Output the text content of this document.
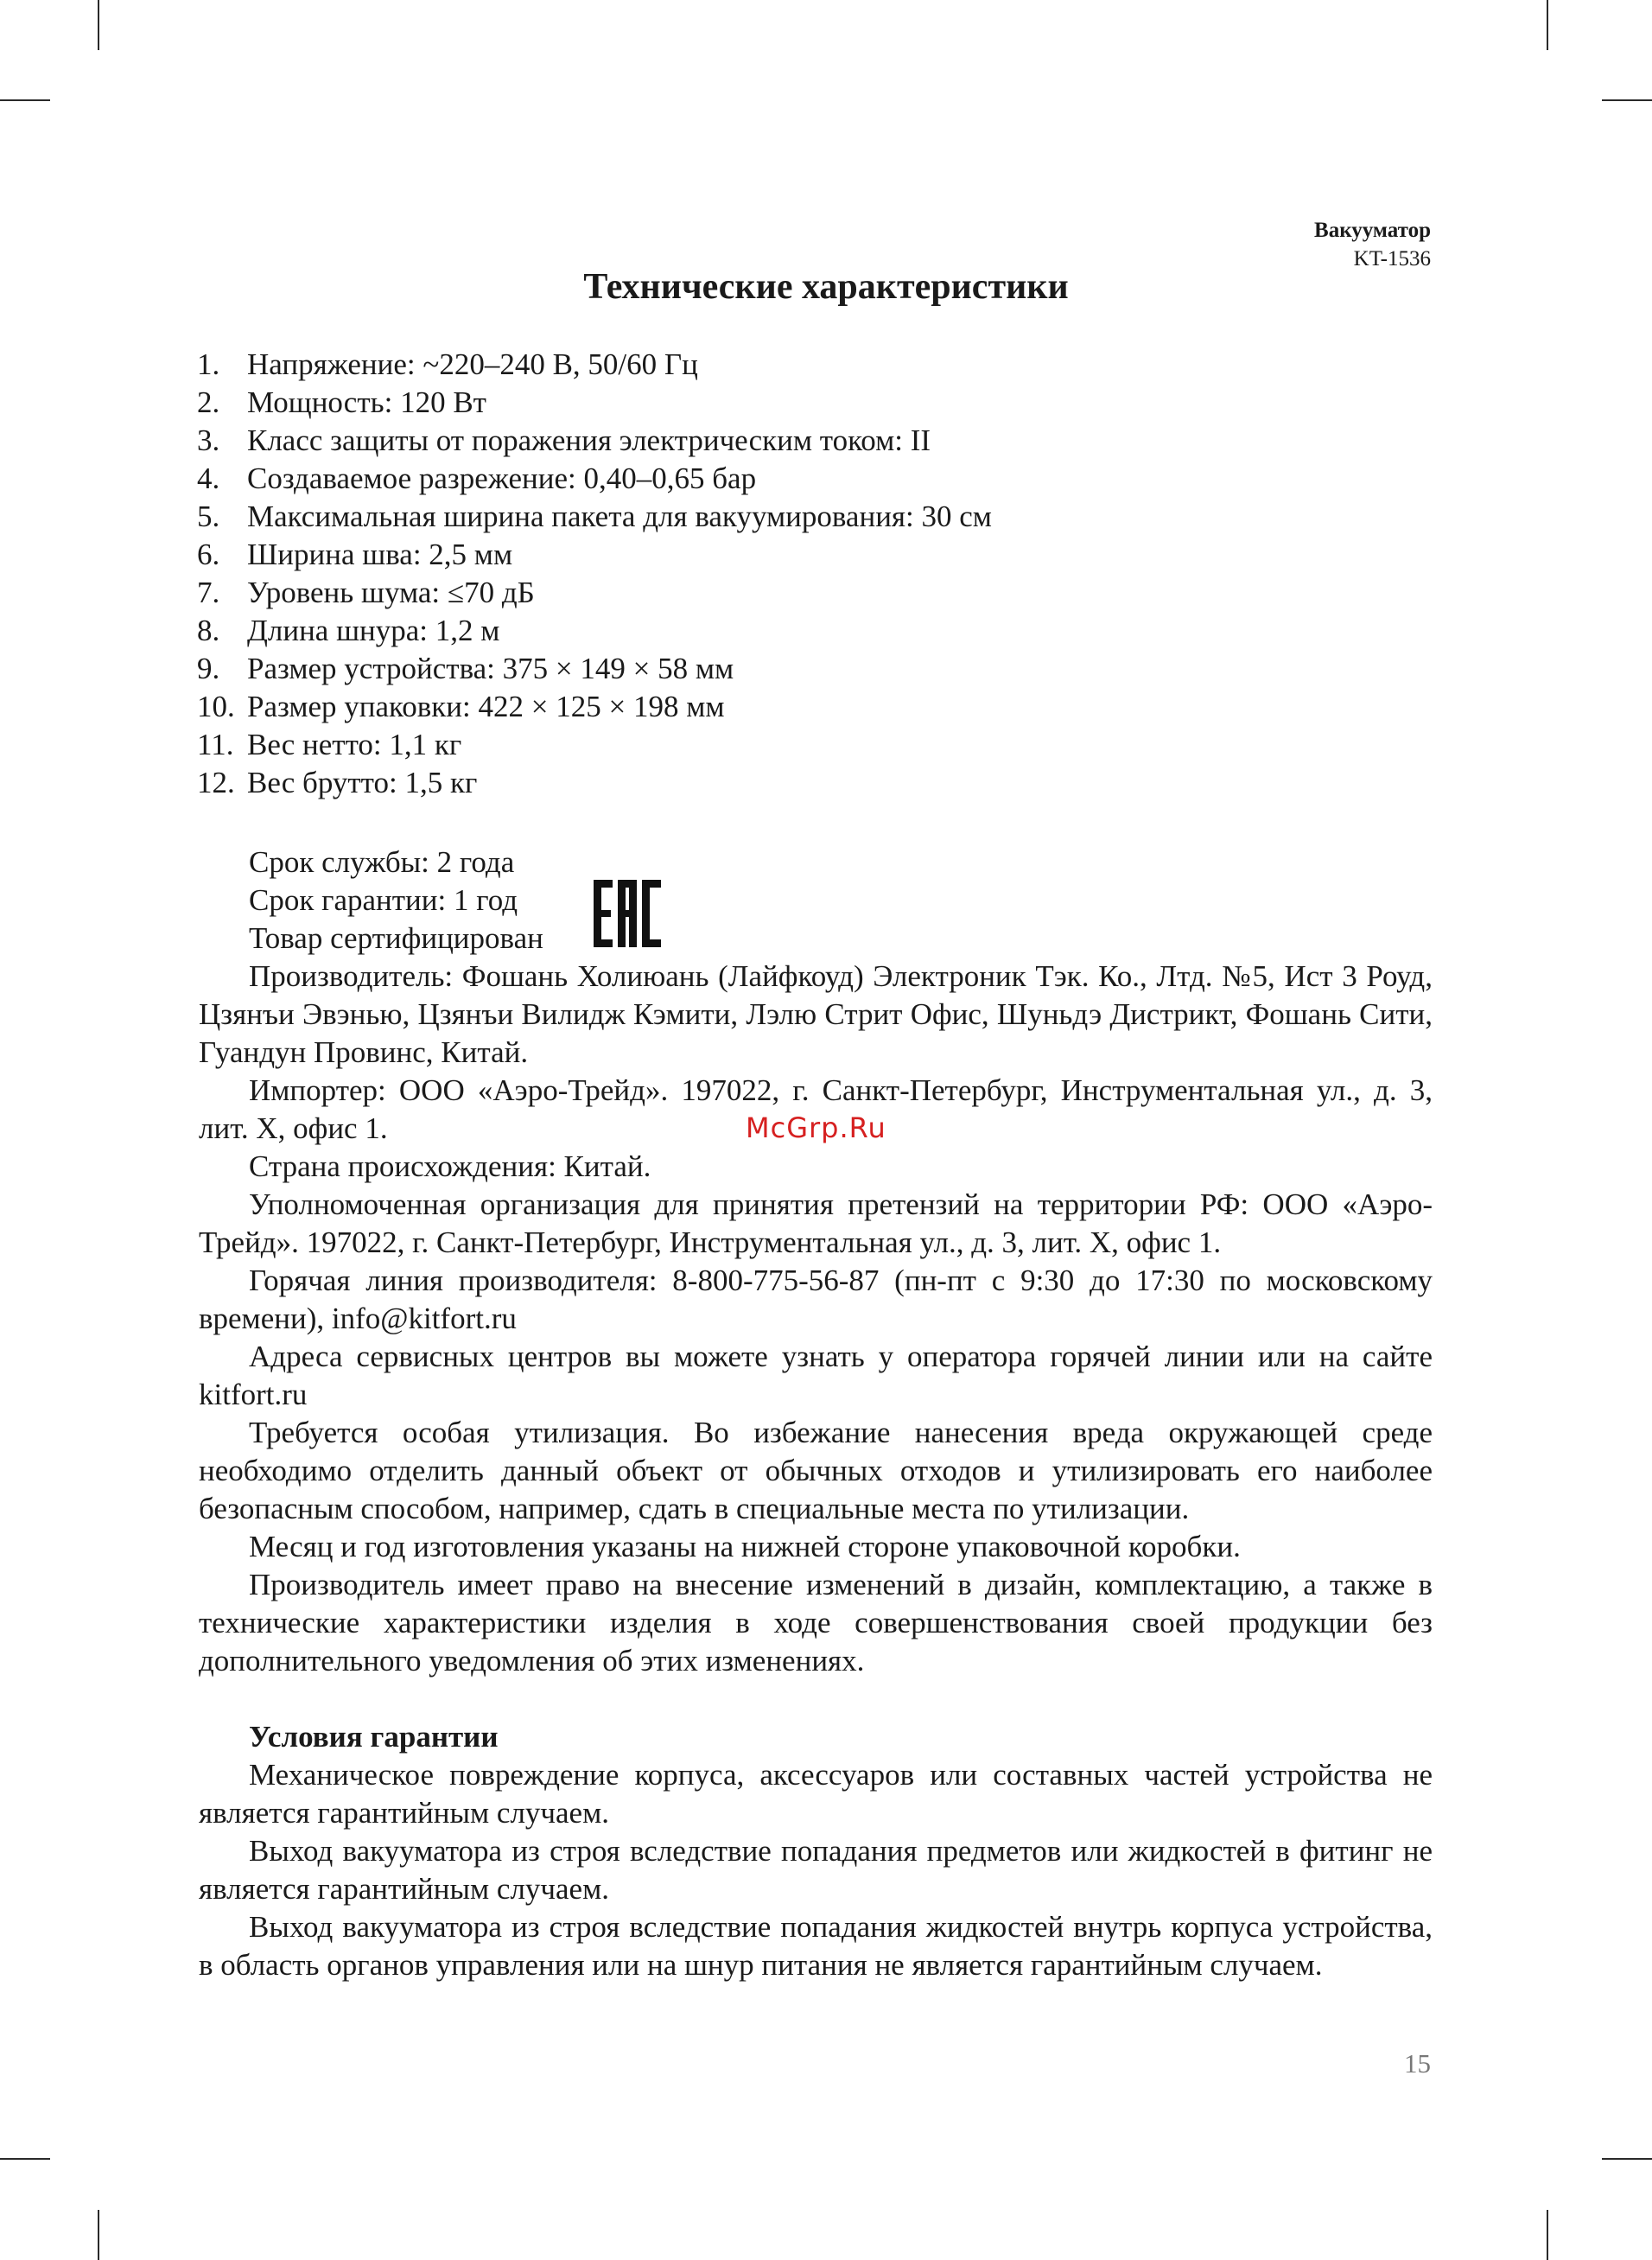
Вакууматор
KT-1536
Технические характеристики
1. Напряжение: ~220–240 В, 50/60 Гц
2. Мощность: 120 Вт
3. Класс защиты от поражения электрическим током: II
4. Создаваемое разрежение: 0,40–0,65 бар
5. Максимальная ширина пакета для вакуумирования: 30 см
6. Ширина шва: 2,5 мм
7. Уровень шума: ≤70 дБ
8. Длина шнура: 1,2 м
9. Размер устройства: 375 × 149 × 58 мм
10. Размер упаковки: 422 × 125 × 198 мм
11. Вес нетто: 1,1 кг
12. Вес брутто: 1,5 кг

Срок службы: 2 года

Срок гарантии: 1 год

Товар сертифицирован

Производитель: Фошань Холиюань (Лайфкоуд) Электроник Тэк. Ко., Лтд. №5, Ист 3 Роуд, Цзянъи Эвэнью, Цзянъи Вилидж Кэмити, Лэлю Стрит Офис, Шуньдэ Дистрикт, Фошань Сити, Гуандун Провинс, Китай.

Импортер: ООО «Аэро-Трейд». 197022, г. Санкт-Петербург, Инструментальная ул., д. 3, лит. Х, офис 1.

Страна происхождения: Китай.

Уполномоченная организация для принятия претензий на территории РФ: ООО «Аэро-Трейд». 197022, г. Санкт-Петербург, Инструментальная ул., д. 3, лит. Х, офис 1.

Горячая линия производителя: 8-800-775-56-87 (пн-пт с 9:30 до 17:30 по московскому времени), info@kitfort.ru

Адреса сервисных центров вы можете узнать у оператора горячей линии или на сайте kitfort.ru

Требуется особая утилизация. Во избежание нанесения вреда окружающей среде необходимо отделить данный объект от обычных отходов и утилизировать его наиболее безопасным способом, например, сдать в специальные места по утилизации.

Месяц и год изготовления указаны на нижней стороне упаковочной коробки.

Производитель имеет право на внесение изменений в дизайн, комплектацию, а также в технические характеристики изделия в ходе совершенствования своей продукции без дополнительного уведомления об этих изменениях.

Условия гарантии

Механическое повреждение корпуса, аксессуаров или составных частей устройства не является гарантийным случаем.

Выход вакууматора из строя вследствие попадания предметов или жидкостей в фитинг не является гарантийным случаем.

Выход вакууматора из строя вследствие попадания жидкостей внутрь корпуса устройства, в область органов управления или на шнур питания не является гарантийным случаем.

McGrp.Ru
15
